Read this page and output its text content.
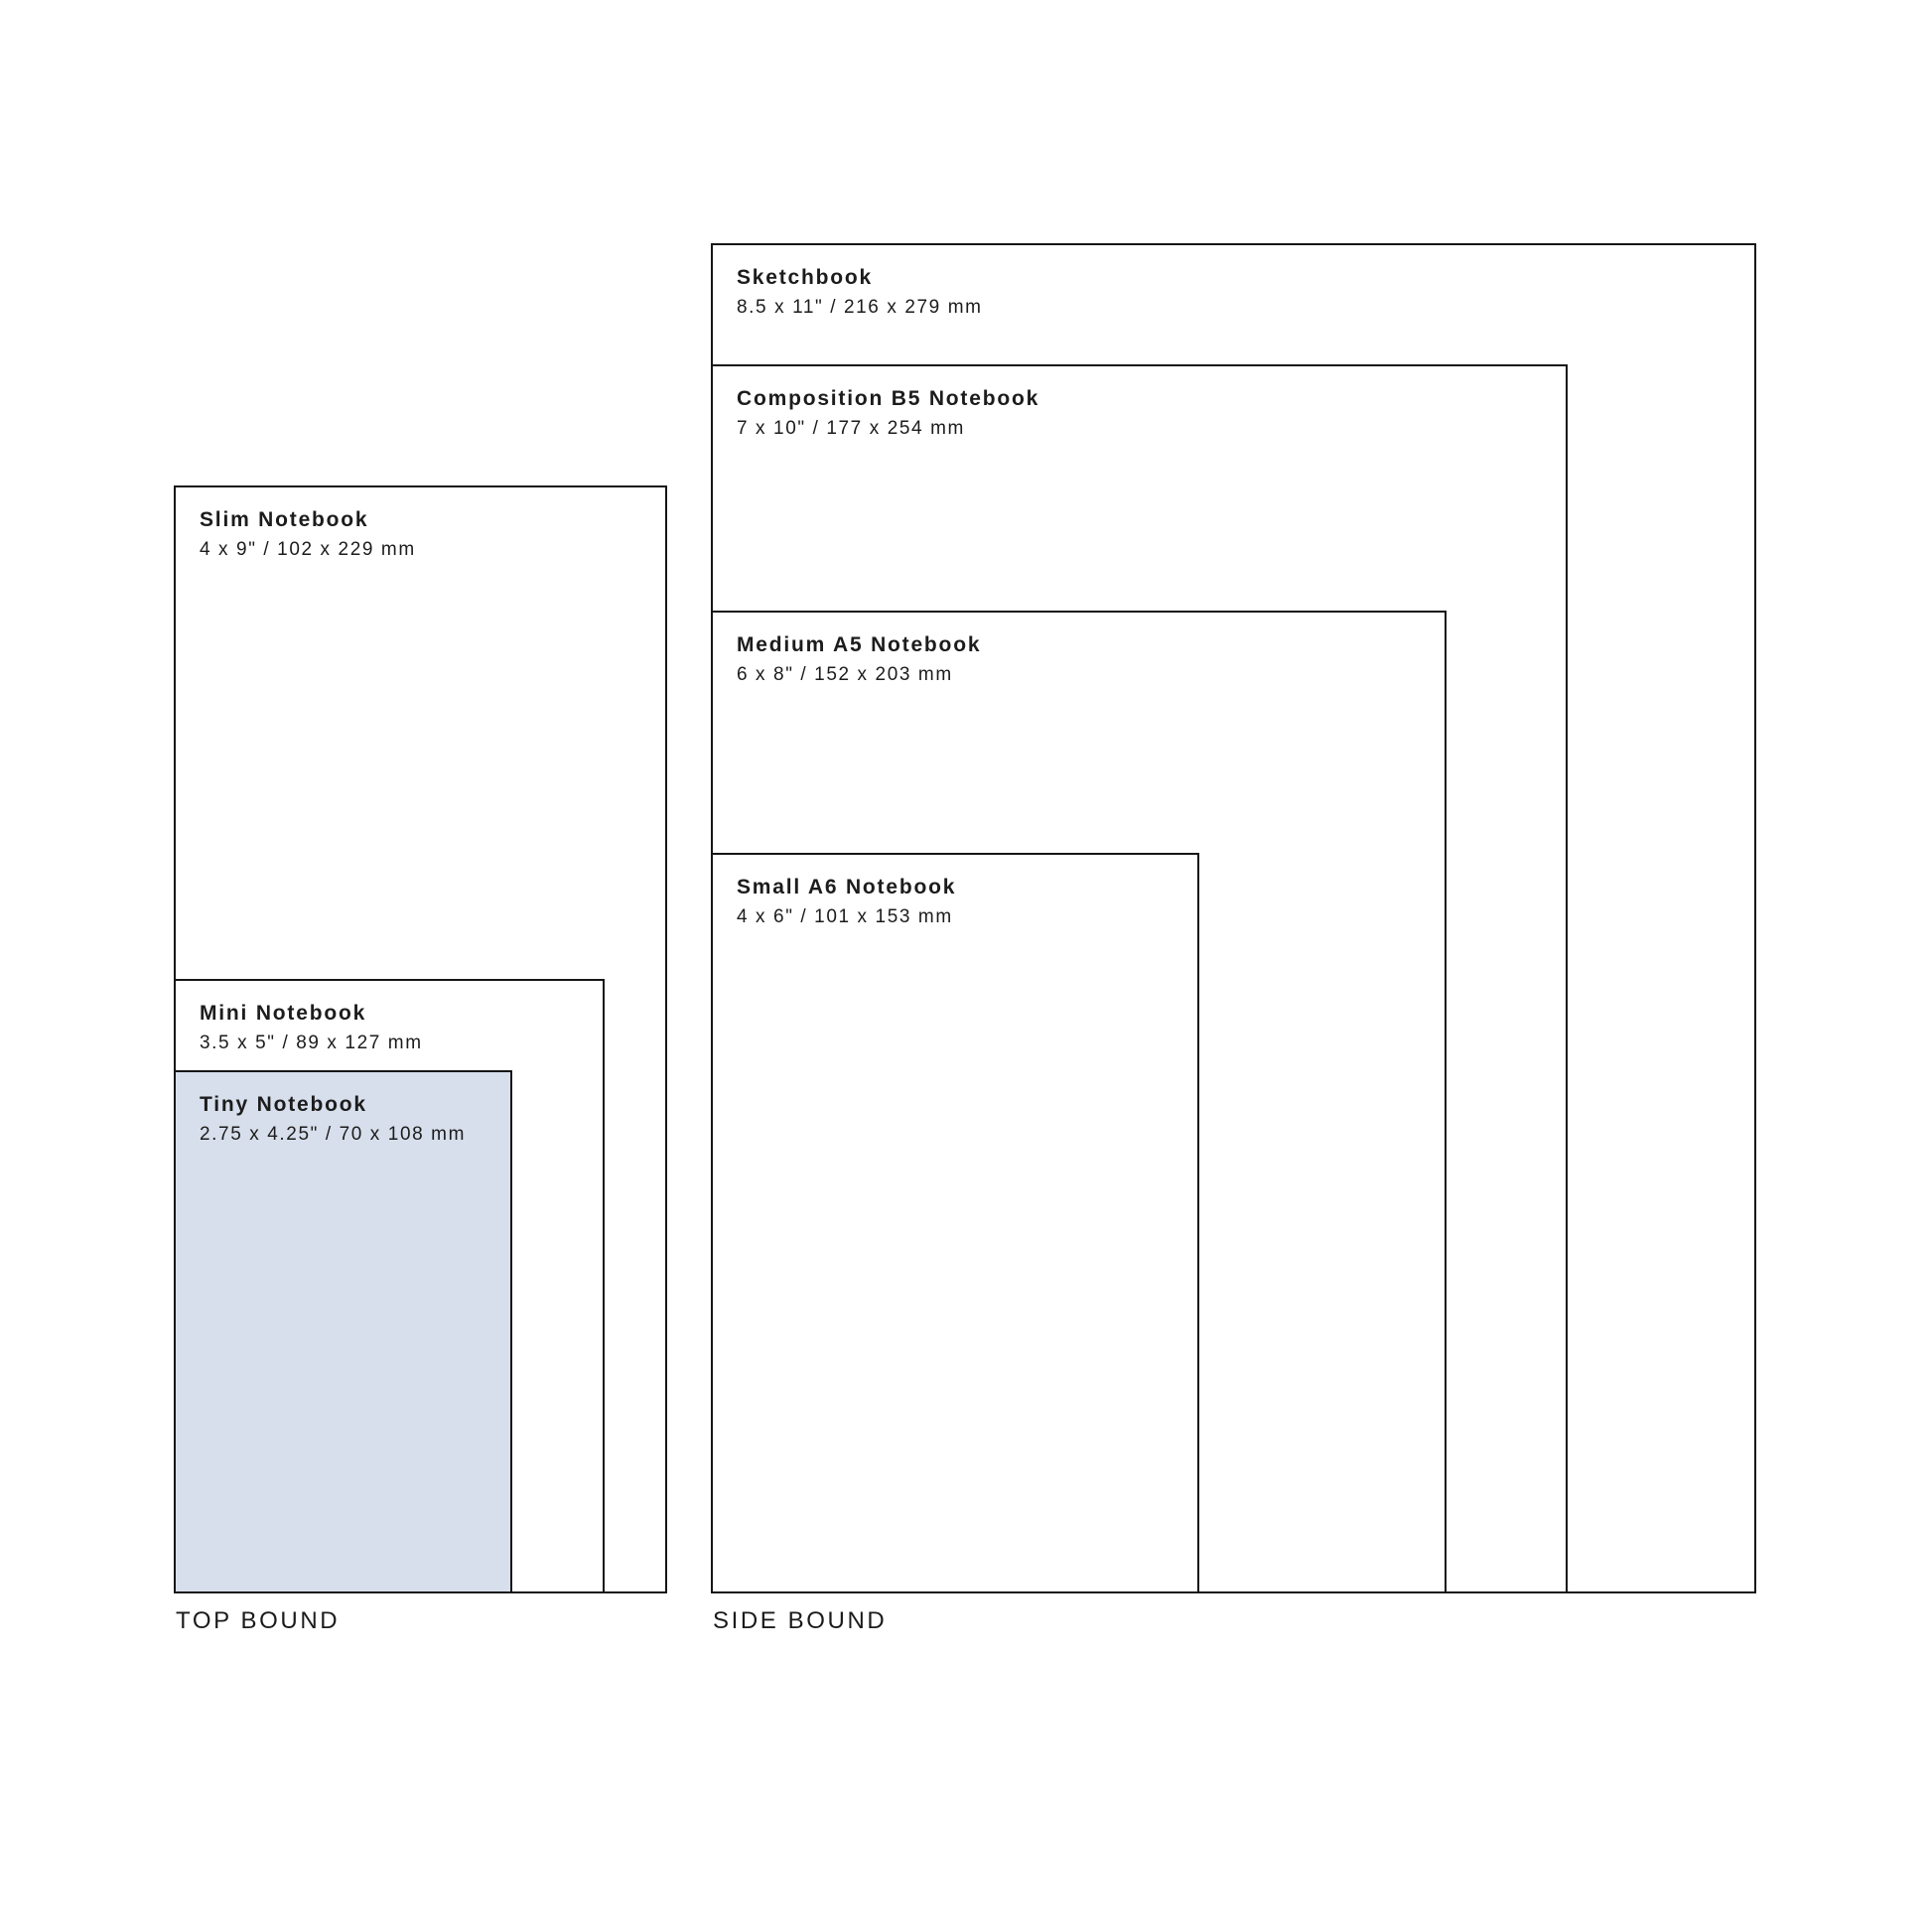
Slim Notebook

4 x 9" / 102 x 229 mm

Mini Notebook

3.5 x 5" / 89 x 127 mm

Tiny Notebook

2.75 x 4.25" / 70 x 108 mm

TOP BOUND

Sketchbook

8.5 x 11" / 216 x 279 mm

Composition B5 Notebook

7 x 10" / 177 x 254 mm

Medium A5 Notebook

6 x 8" / 152 x 203 mm

Small A6 Notebook

4 x 6" / 101 x 153 mm

SIDE BOUND
